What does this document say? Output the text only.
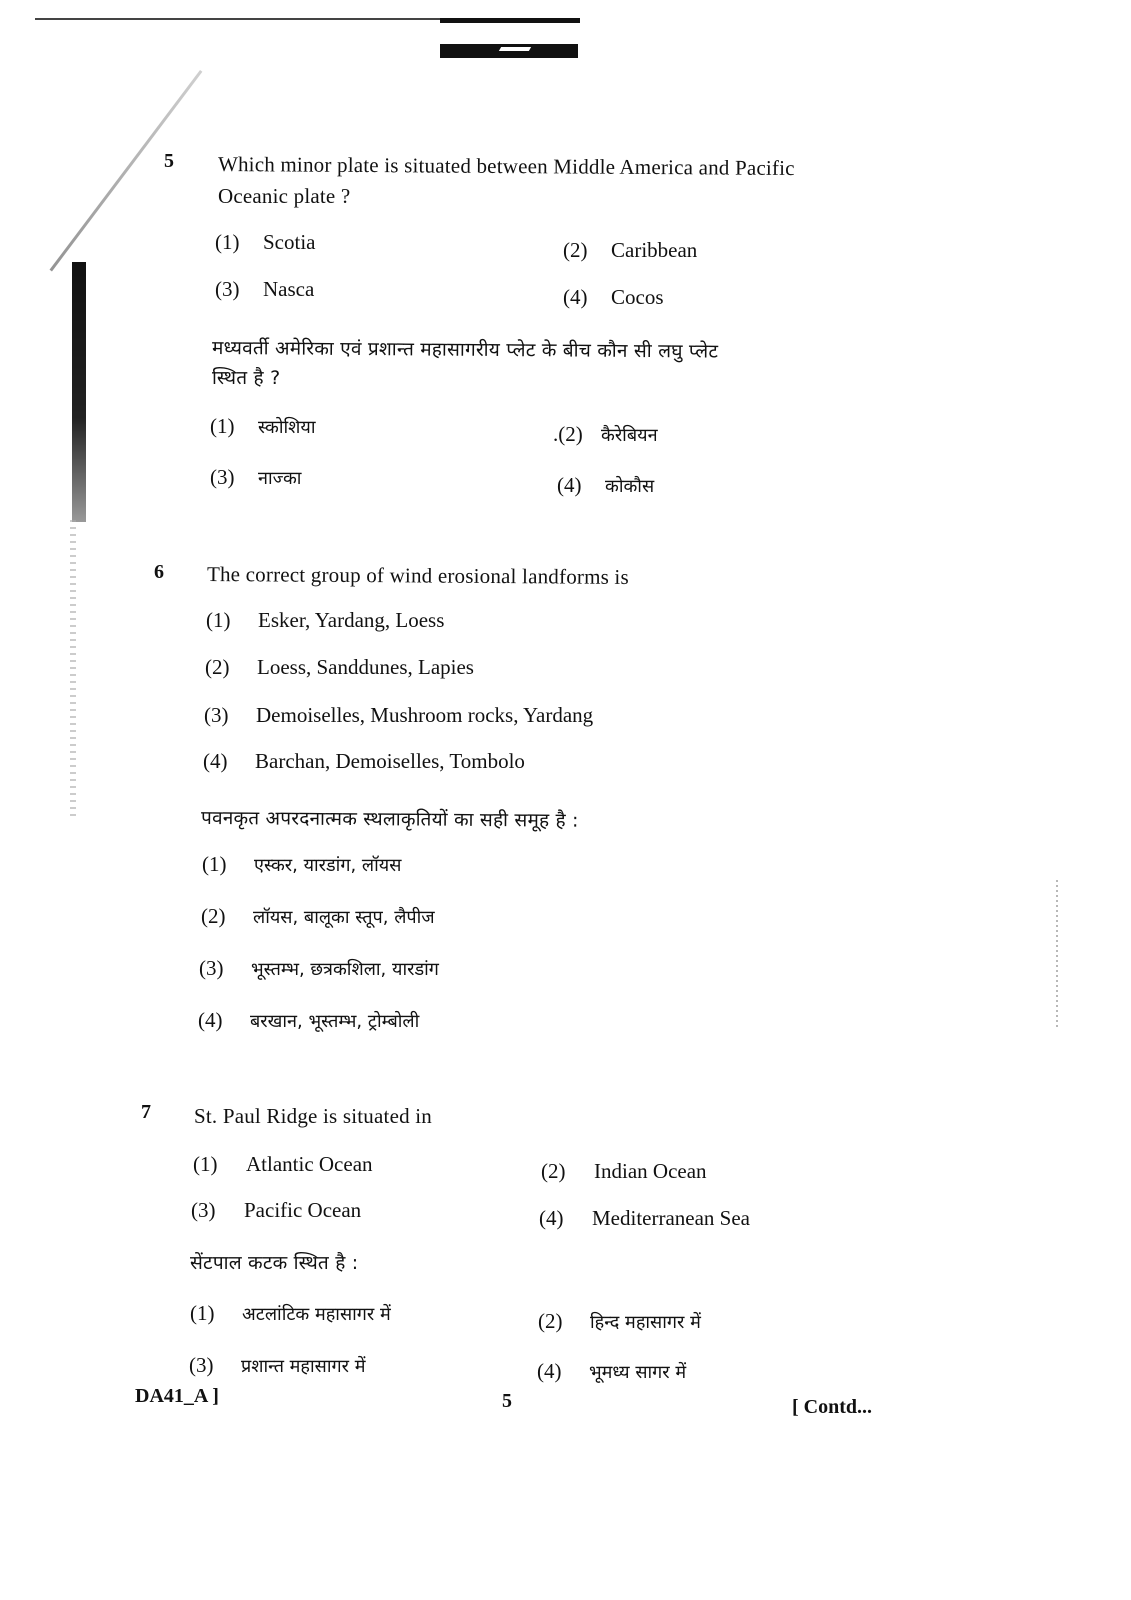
5 Which minor plate is situated between Middle America and Pacific
Oceanic plate ?
(1) Scotia	(2) Caribbean
(3) Nasca	(4) Cocos
मध्यवर्ती अमेरिका एवं प्रशान्त महासागरीय प्लेट के बीच कौन सी लघु प्लेट
स्थित है ?
(1) स्कोशिया	.(2) कैरेबियन
(3) नाज्का	(4) कोकौस
6 The correct group of wind erosional landforms is
(1) Esker, Yardang, Loess
(2) Loess, Sanddunes, Lapies
(3) Demoiselles, Mushroom rocks, Yardang
(4) Barchan, Demoiselles, Tombolo
पवनकृत अपरदनात्मक स्थलाकृतियों का सही समूह है :
(1) एस्कर, यारडांग, लॉयस
(2) लॉयस, बालूका स्तूप, लैपीज
(3) भूस्तम्भ, छत्रकशिला, यारडांग
(4) बरखान, भूस्तम्भ, ट्रोम्बोली
7 St. Paul Ridge is situated in
(1) Atlantic Ocean	(2) Indian Ocean
(3) Pacific Ocean	(4) Mediterranean Sea
सेंटपाल कटक स्थित है :
(1) अटलांटिक महासागर में	(2) हिन्द महासागर में
(3) प्रशान्त महासागर में	(4) भूमध्य सागर में
DA41_A ]	5	[ Contd...
